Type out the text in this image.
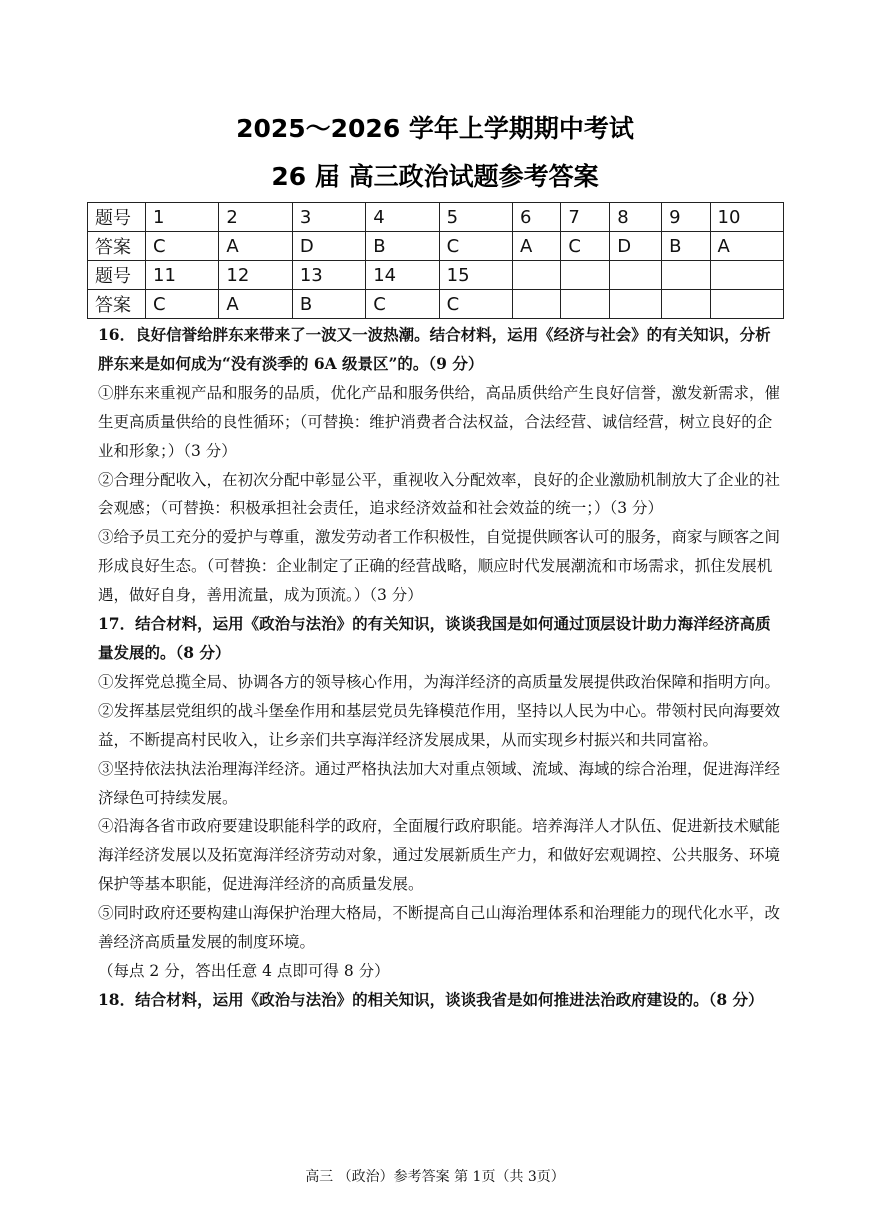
2025～2026 学年上学期期中考试
26 届 高三政治试题参考答案
题号	1	2	3	4	5	6	7	8	9	10
答案	C	A	D	B	C	A	C	D	B	A
题号	11	12	13	14	15					
答案	C	A	B	C	C					

16．良好信誉给胖东来带来了一波又一波热潮。结合材料，运用《经济与社会》的有关知识，分析胖东来是如何成为“没有淡季的 6A 级景区”的。（9 分）

①胖东来重视产品和服务的品质，优化产品和服务供给，高品质供给产生良好信誉，激发新需求，催生更高质量供给的良性循环；（可替换：维护消费者合法权益，合法经营、诚信经营，树立良好的企业和形象；）（3 分）

②合理分配收入，在初次分配中彰显公平，重视收入分配效率，良好的企业激励机制放大了企业的社会观感；（可替换：积极承担社会责任，追求经济效益和社会效益的统一；）（3 分）

③给予员工充分的爱护与尊重，激发劳动者工作积极性，自觉提供顾客认可的服务，商家与顾客之间形成良好生态。（可替换：企业制定了正确的经营战略，顺应时代发展潮流和市场需求，抓住发展机遇，做好自身，善用流量，成为顶流。）（3 分）

17．结合材料，运用《政治与法治》的有关知识，谈谈我国是如何通过顶层设计助力海洋经济高质量发展的。（8 分）

①发挥党总揽全局、协调各方的领导核心作用，为海洋经济的高质量发展提供政治保障和指明方向。

②发挥基层党组织的战斗堡垒作用和基层党员先锋模范作用，坚持以人民为中心。带领村民向海要效益，不断提高村民收入，让乡亲们共享海洋经济发展成果，从而实现乡村振兴和共同富裕。

③坚持依法执法治理海洋经济。通过严格执法加大对重点领域、流域、海域的综合治理，促进海洋经济绿色可持续发展。

④沿海各省市政府要建设职能科学的政府，全面履行政府职能。培养海洋人才队伍、促进新技术赋能海洋经济发展以及拓宽海洋经济劳动对象，通过发展新质生产力，和做好宏观调控、公共服务、环境保护等基本职能，促进海洋经济的高质量发展。

⑤同时政府还要构建山海保护治理大格局，不断提高自己山海治理体系和治理能力的现代化水平，改善经济高质量发展的制度环境。

（每点 2 分，答出任意 4 点即可得 8 分）

18．结合材料，运用《政治与法治》的相关知识，谈谈我省是如何推进法治政府建设的。（8 分）

高三 （政治）参考答案 第 1页（共 3页）
